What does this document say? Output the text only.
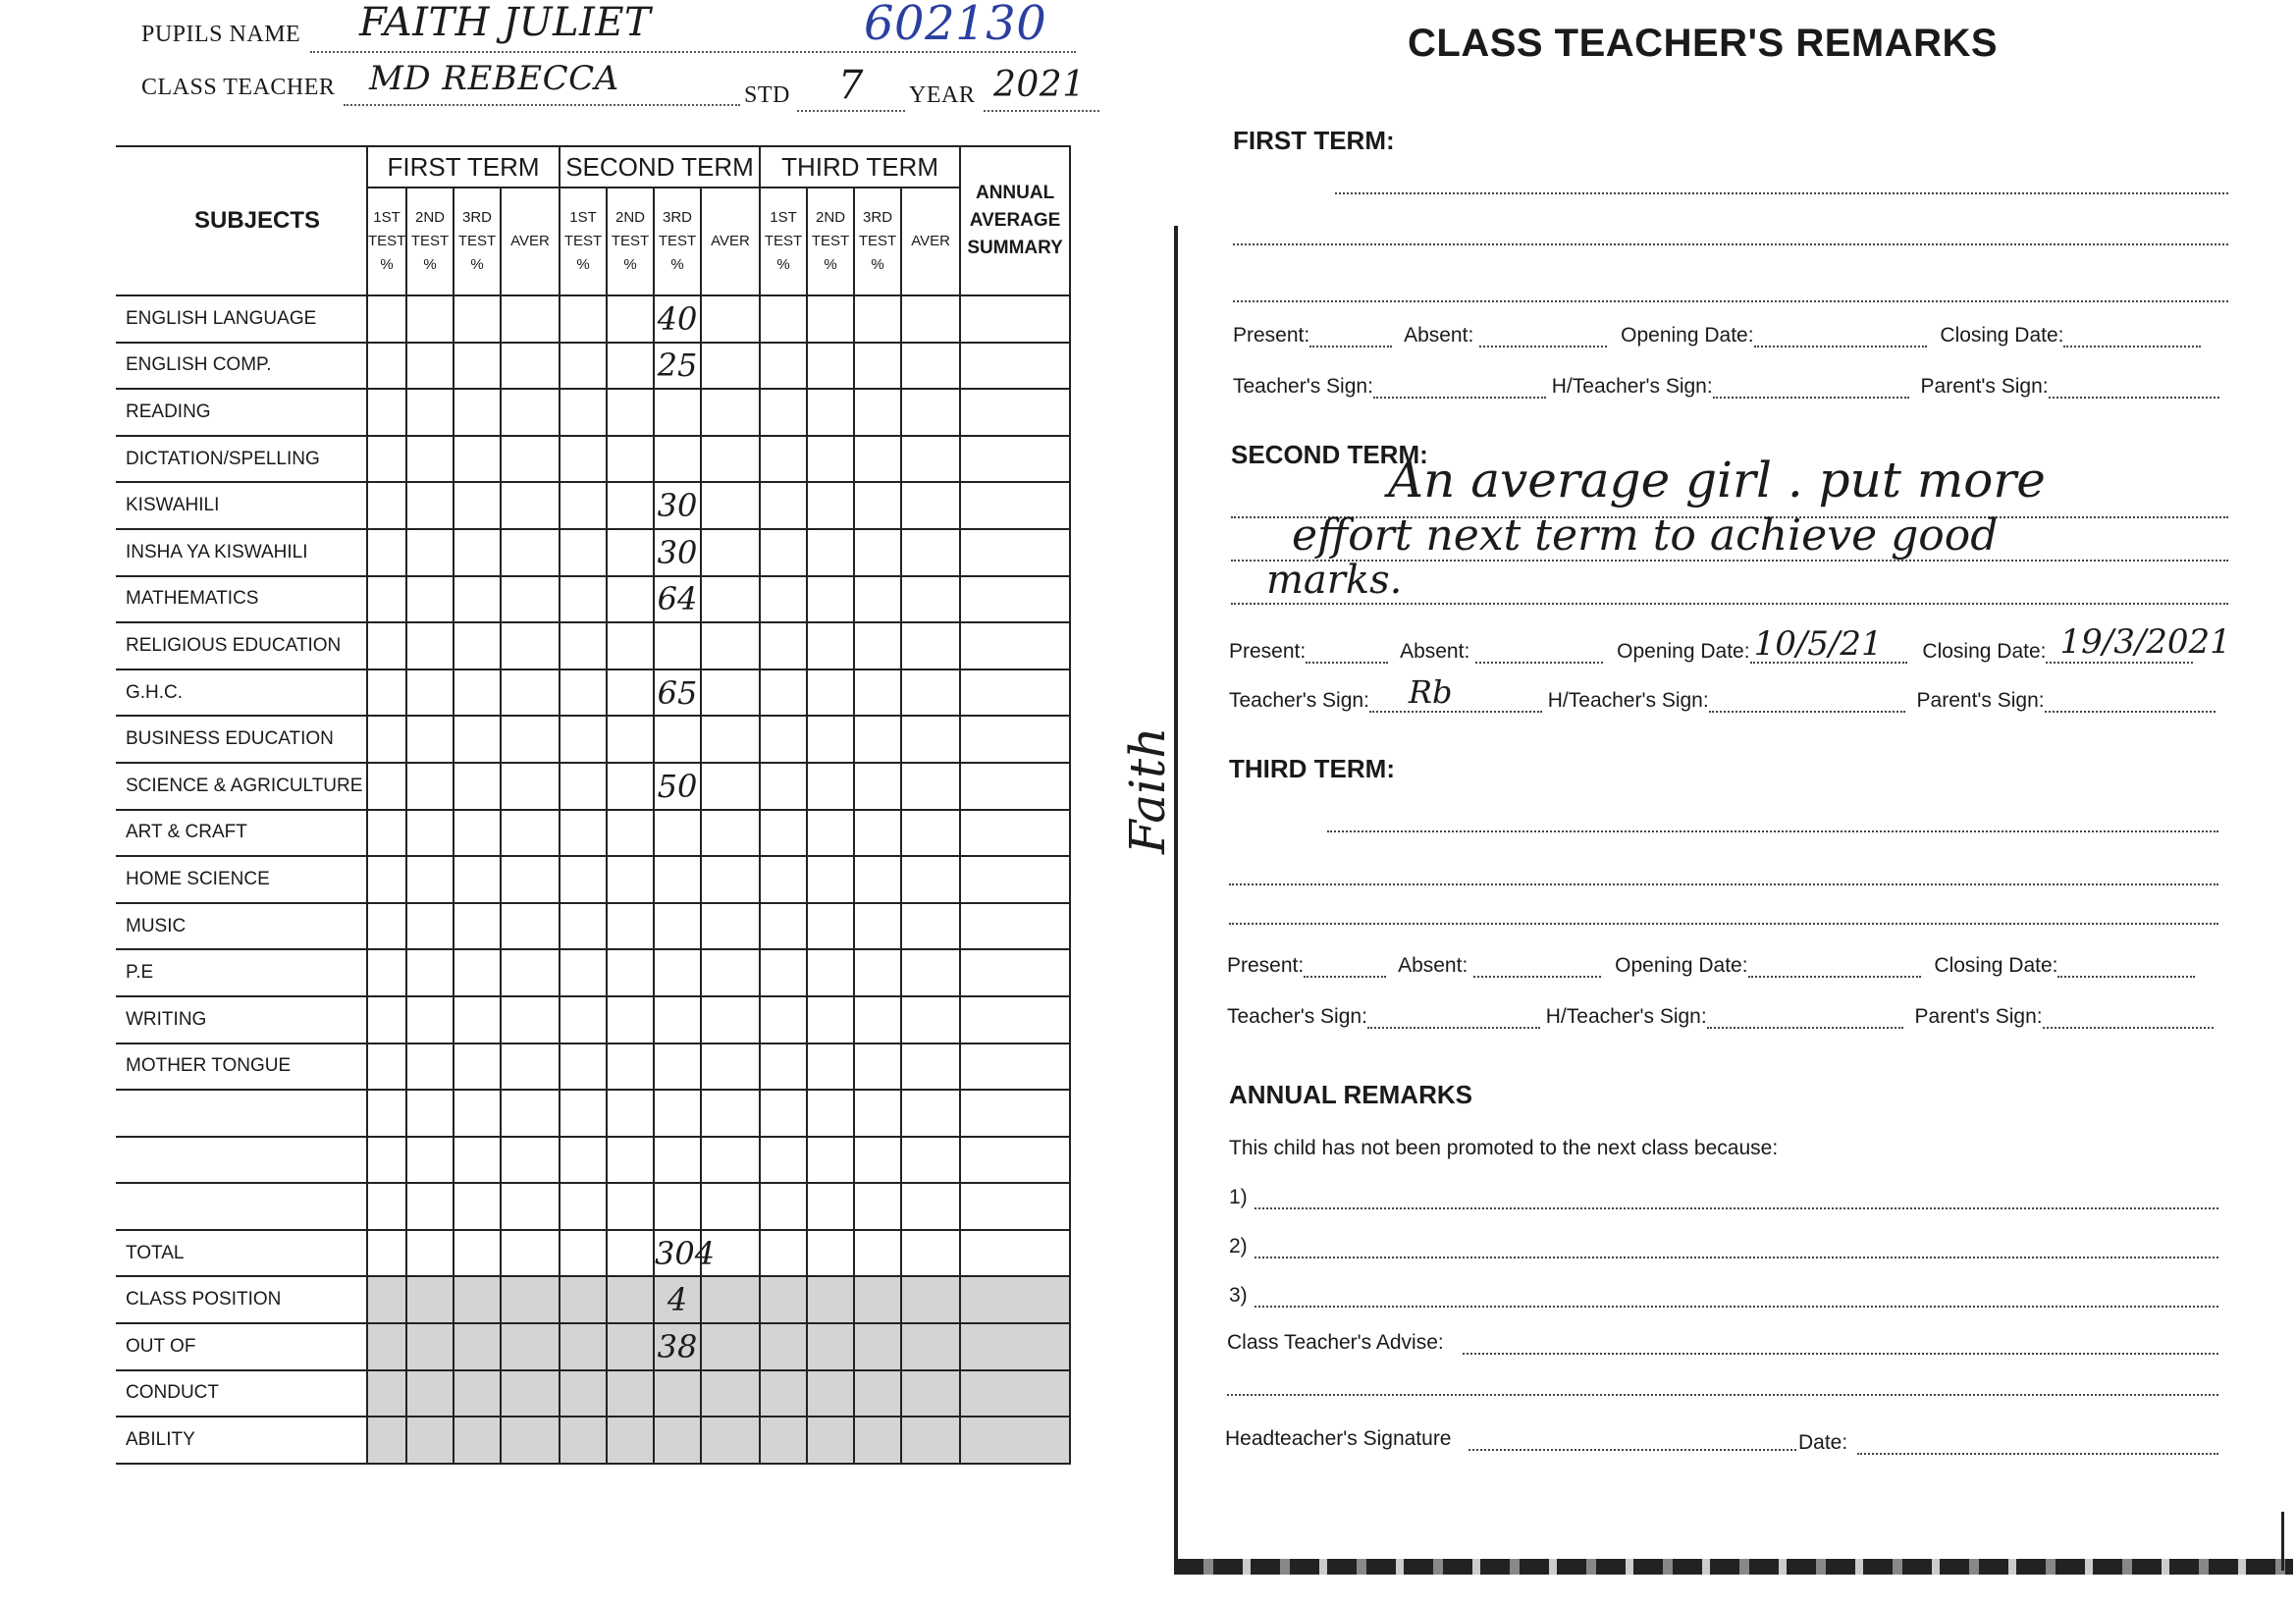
PUPILS NAME FAITH JULIET	602130
CLASS TEACHER MD REBECCA	STD 7 YEAR 2021
SUBJECTS	FIRST TERM				SECOND TERM				THIRD TERM				ANNUAL AVERAGE SUMMARY
	1ST TEST %	2ND TEST %	3RD TEST %	AVER	1ST TEST %	2ND TEST %	3RD TEST %	AVER	1ST TEST %	2ND TEST %	3RD TEST %	AVER	
ENGLISH LANGUAGE							40						
ENGLISH COMP.							25						
READING													
DICTATION/SPELLING													
KISWAHILI							30						
INSHA YA KISWAHILI							30						
MATHEMATICS							64						
RELIGIOUS EDUCATION													
G.H.C.							65						
BUSINESS EDUCATION													
SCIENCE & AGRICULTURE							50						
ART & CRAFT													
HOME SCIENCE													
MUSIC													
P.E													
WRITING													
MOTHER TONGUE													

TOTAL							304						
CLASS POSITION							4						
OUT OF							38						
CONDUCT													
ABILITY													
Faith
CLASS TEACHER'S REMARKS
FIRST TERM:
Present:	Absent:	Opening Date:	Closing Date:
Teacher's Sign:	H/Teacher's Sign:	Parent's Sign:
SECOND TERM:
An average girl . put more
effort next term to achieve good
marks.
Present:	Absent:	Opening Date: 10/5/21 Closing Date: 19/3/2021
Teacher's Sign: Rb	H/Teacher's Sign:	Parent's Sign:
THIRD TERM:
Present:	Absent:	Opening Date:	Closing Date:
Teacher's Sign:	H/Teacher's Sign:	Parent's Sign:
ANNUAL REMARKS
This child has not been promoted to the next class because:
1)
2)
3)
Class Teacher's Advise:
Headteacher's Signature	Date:
